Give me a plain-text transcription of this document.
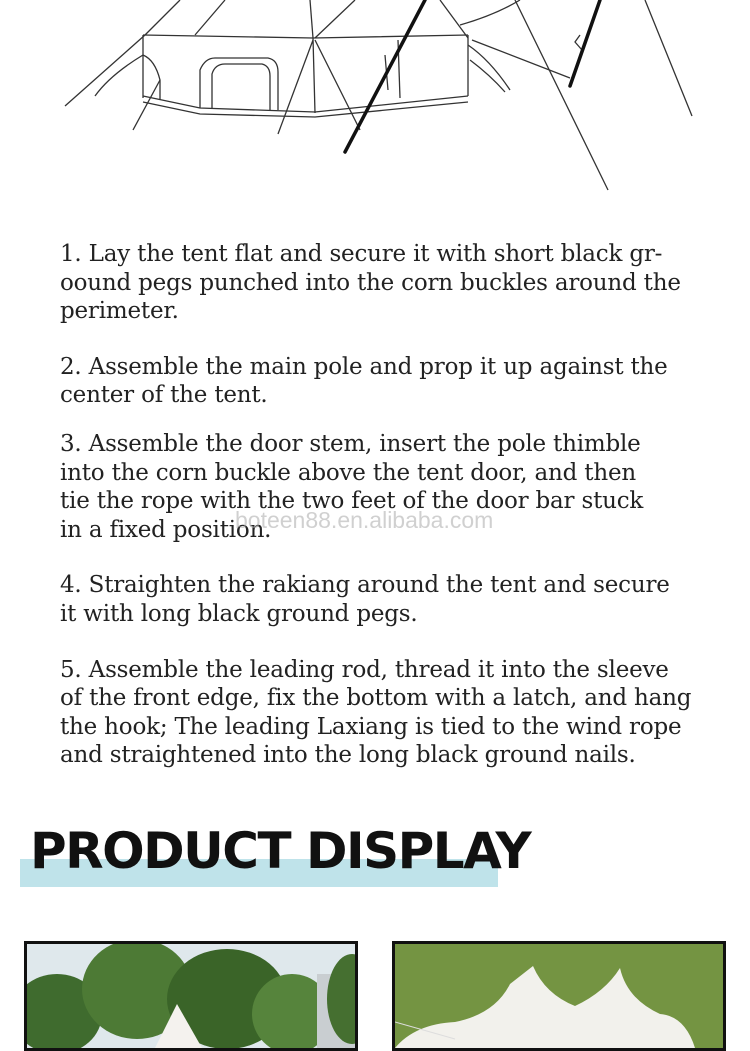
1. Lay the tent flat and secure it with short black gr-
oound pegs punched into the corn buckles around the
perimeter.

2. Assemble the main pole and prop it up against the
center of the tent.

3. Assemble the door stem, insert the pole thimble
into the corn buckle above the tent door, and then
tie the rope with the two feet of the door bar stuck
in a fixed position.

4. Straighten the rakiang around the tent and secure
it with long black ground pegs.

5. Assemble the leading rod, thread it into the sleeve
of the front edge, fix the bottom with a latch, and hang
the hook; The leading Laxiang is tied to the wind rope
and straightened into the long black ground nails.

boteen88.en.alibaba.com
PRODUCT DISPLAY
